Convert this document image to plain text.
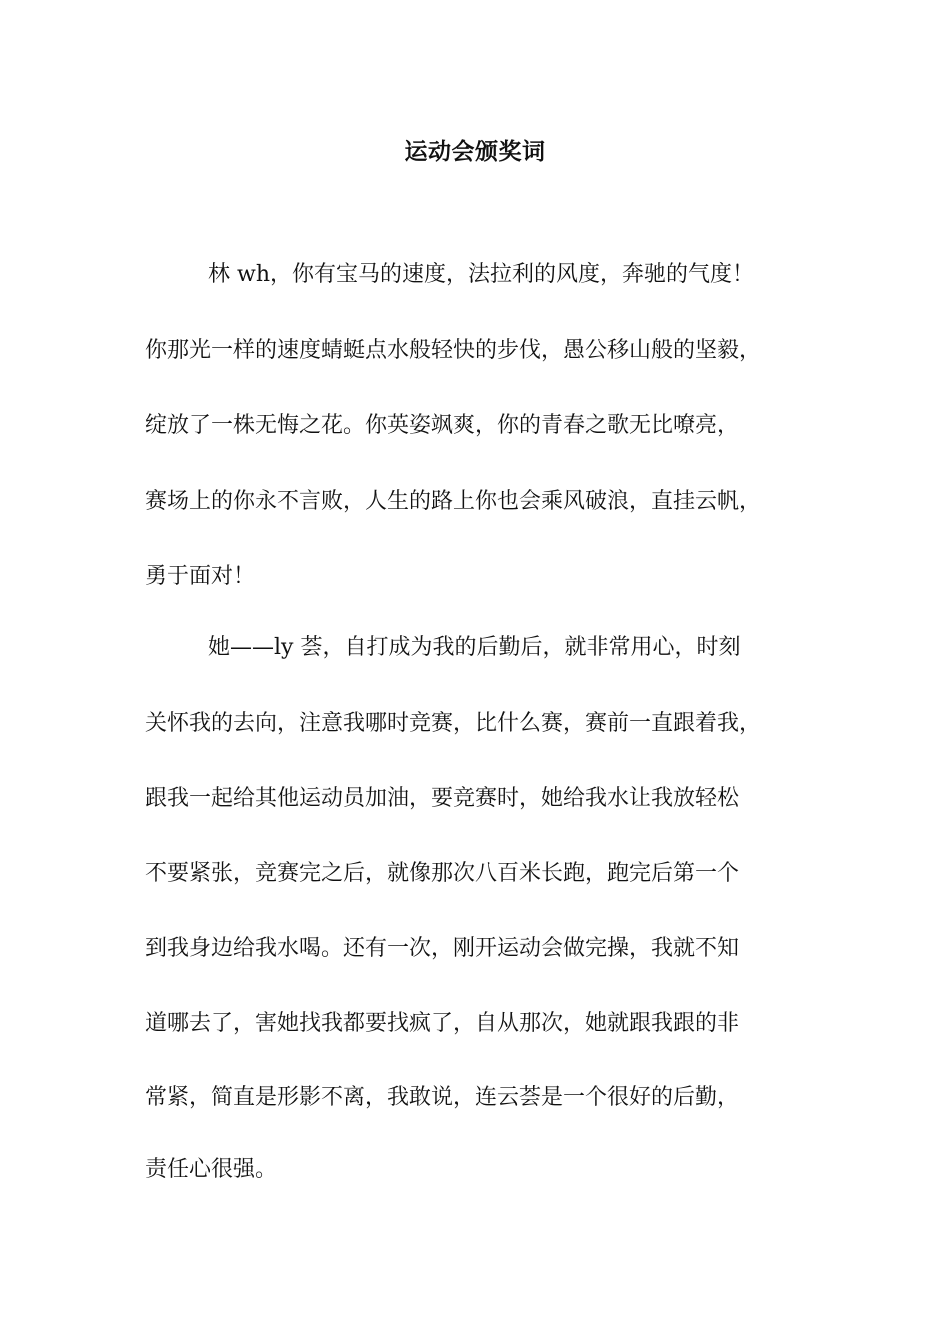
运动会颁奖词
林 wh，你有宝马的速度，法拉利的风度，奔驰的气度！
你那光一样的速度蜻蜓点水般轻快的步伐，愚公移山般的坚毅，
绽放了一株无悔之花。你英姿飒爽，你的青春之歌无比嘹亮，
赛场上的你永不言败，人生的路上你也会乘风破浪，直挂云帆，
勇于面对！
她——ly 荟，自打成为我的后勤后，就非常用心，时刻
关怀我的去向，注意我哪时竞赛，比什么赛，赛前一直跟着我，
跟我一起给其他运动员加油，要竞赛时，她给我水让我放轻松
不要紧张，竞赛完之后，就像那次八百米长跑，跑完后第一个
到我身边给我水喝。还有一次，刚开运动会做完操，我就不知
道哪去了，害她找我都要找疯了，自从那次，她就跟我跟的非
常紧，简直是形影不离，我敢说，连云荟是一个很好的后勤，
责任心很强。
